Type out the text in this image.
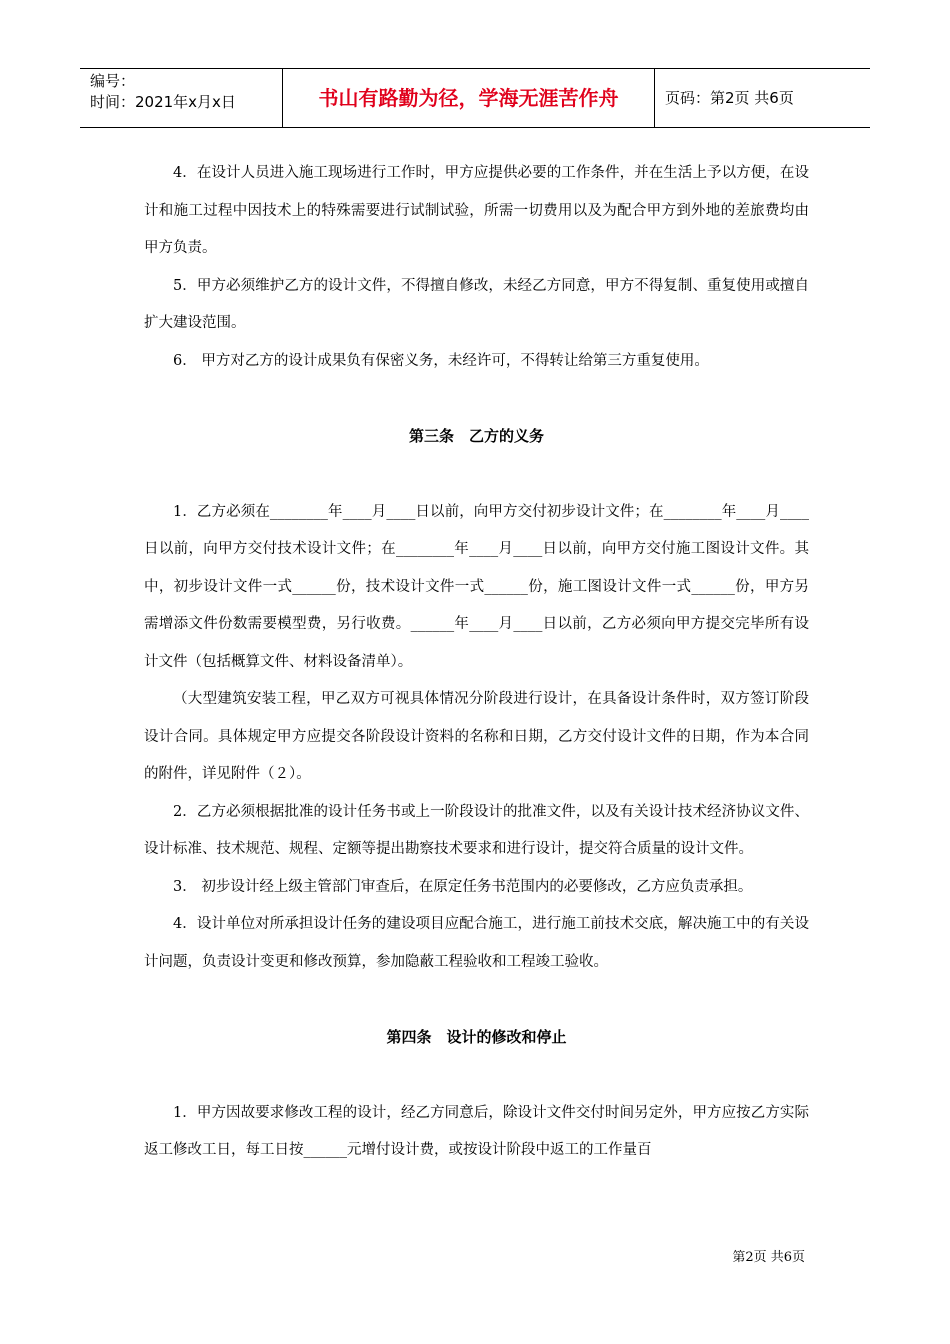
编号：
时间：2021年x月x日	书山有路勤为径，学海无涯苦作舟	页码：第2页 共6页

4．在设计人员进入施工现场进行工作时，甲方应提供必要的工作条件，并在生活上予以方便，在设计和施工过程中因技术上的特殊需要进行试制试验，所需一切费用以及为配合甲方到外地的差旅费均由甲方负责。

5．甲方必须维护乙方的设计文件，不得擅自修改，未经乙方同意，甲方不得复制、重复使用或擅自扩大建设范围。

6． 甲方对乙方的设计成果负有保密义务，未经许可，不得转让给第三方重复使用。

第三条　乙方的义务

1．乙方必须在________年____月____日以前，向甲方交付初步设计文件；在________年____月____日以前，向甲方交付技术设计文件；在________年____月____日以前，向甲方交付施工图设计文件。其中，初步设计文件一式______份，技术设计文件一式______份，施工图设计文件一式______份，甲方另需增添文件份数需要模型费，另行收费。______年____月____日以前，乙方必须向甲方提交完毕所有设计文件（包括概算文件、材料设备清单）。

（大型建筑安装工程，甲乙双方可视具体情况分阶段进行设计，在具备设计条件时，双方签订阶段设计合同。具体规定甲方应提交各阶段设计资料的名称和日期，乙方交付设计文件的日期，作为本合同的附件，详见附件（２）。

2．乙方必须根据批准的设计任务书或上一阶段设计的批准文件，以及有关设计技术经济协议文件、设计标准、技术规范、规程、定额等提出勘察技术要求和进行设计，提交符合质量的设计文件。

3． 初步设计经上级主管部门审查后，在原定任务书范围内的必要修改，乙方应负责承担。

4．设计单位对所承担设计任务的建设项目应配合施工，进行施工前技术交底，解决施工中的有关设计问题，负责设计变更和修改预算，参加隐蔽工程验收和工程竣工验收。

第四条　设计的修改和停止

1．甲方因故要求修改工程的设计，经乙方同意后，除设计文件交付时间另定外，甲方应按乙方实际返工修改工日，每工日按______元增付设计费，或按设计阶段中返工的工作量百

第2页 共6页
